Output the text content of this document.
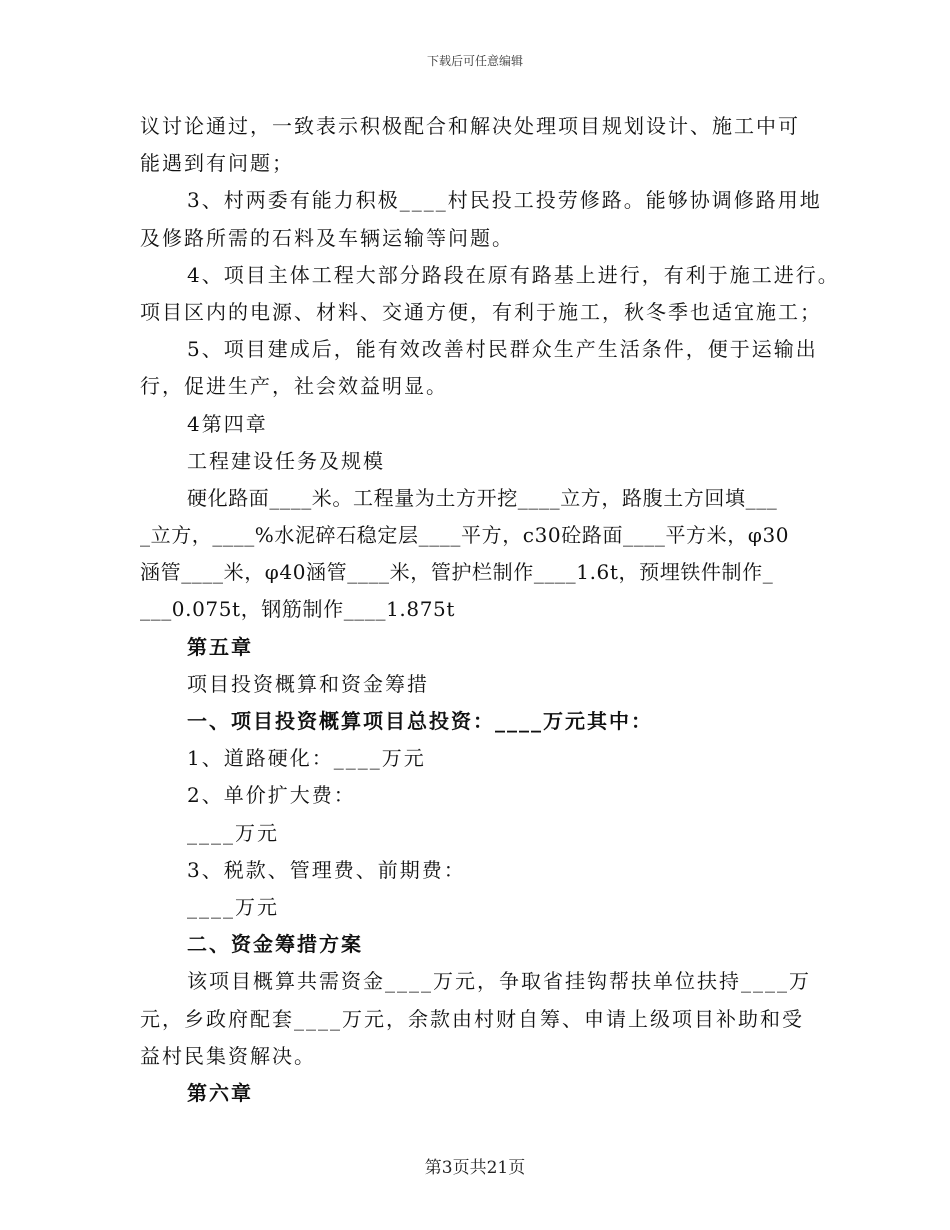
下载后可任意编辑
议讨论通过，一致表示积极配合和解决处理项目规划设计、施工中可
能遇到有问题；
3、村两委有能力积极____村民投工投劳修路。能够协调修路用地
及修路所需的石料及车辆运输等问题。
4、项目主体工程大部分路段在原有路基上进行，有利于施工进行。
项目区内的电源、材料、交通方便，有利于施工，秋冬季也适宜施工；
5、项目建成后，能有效改善村民群众生产生活条件，便于运输出
行，促进生产，社会效益明显。
4第四章
工程建设任务及规模
硬化路面____米。工程量为土方开挖____立方，路腹土方回填___
_立方，____%水泥碎石稳定层____平方，c30砼路面____平方米，φ30
涵管____米，φ40涵管____米，管护栏制作____1.6t，预埋铁件制作_
___0.075t，钢筋制作____1.875t
第五章
项目投资概算和资金筹措
一、项目投资概算项目总投资：____万元其中：
1、道路硬化：____万元
2、单价扩大费：
____万元
3、税款、管理费、前期费：
____万元
二、资金筹措方案
该项目概算共需资金____万元，争取省挂钩帮扶单位扶持____万
元，乡政府配套____万元，余款由村财自筹、申请上级项目补助和受
益村民集资解决。
第六章
第3页共21页
